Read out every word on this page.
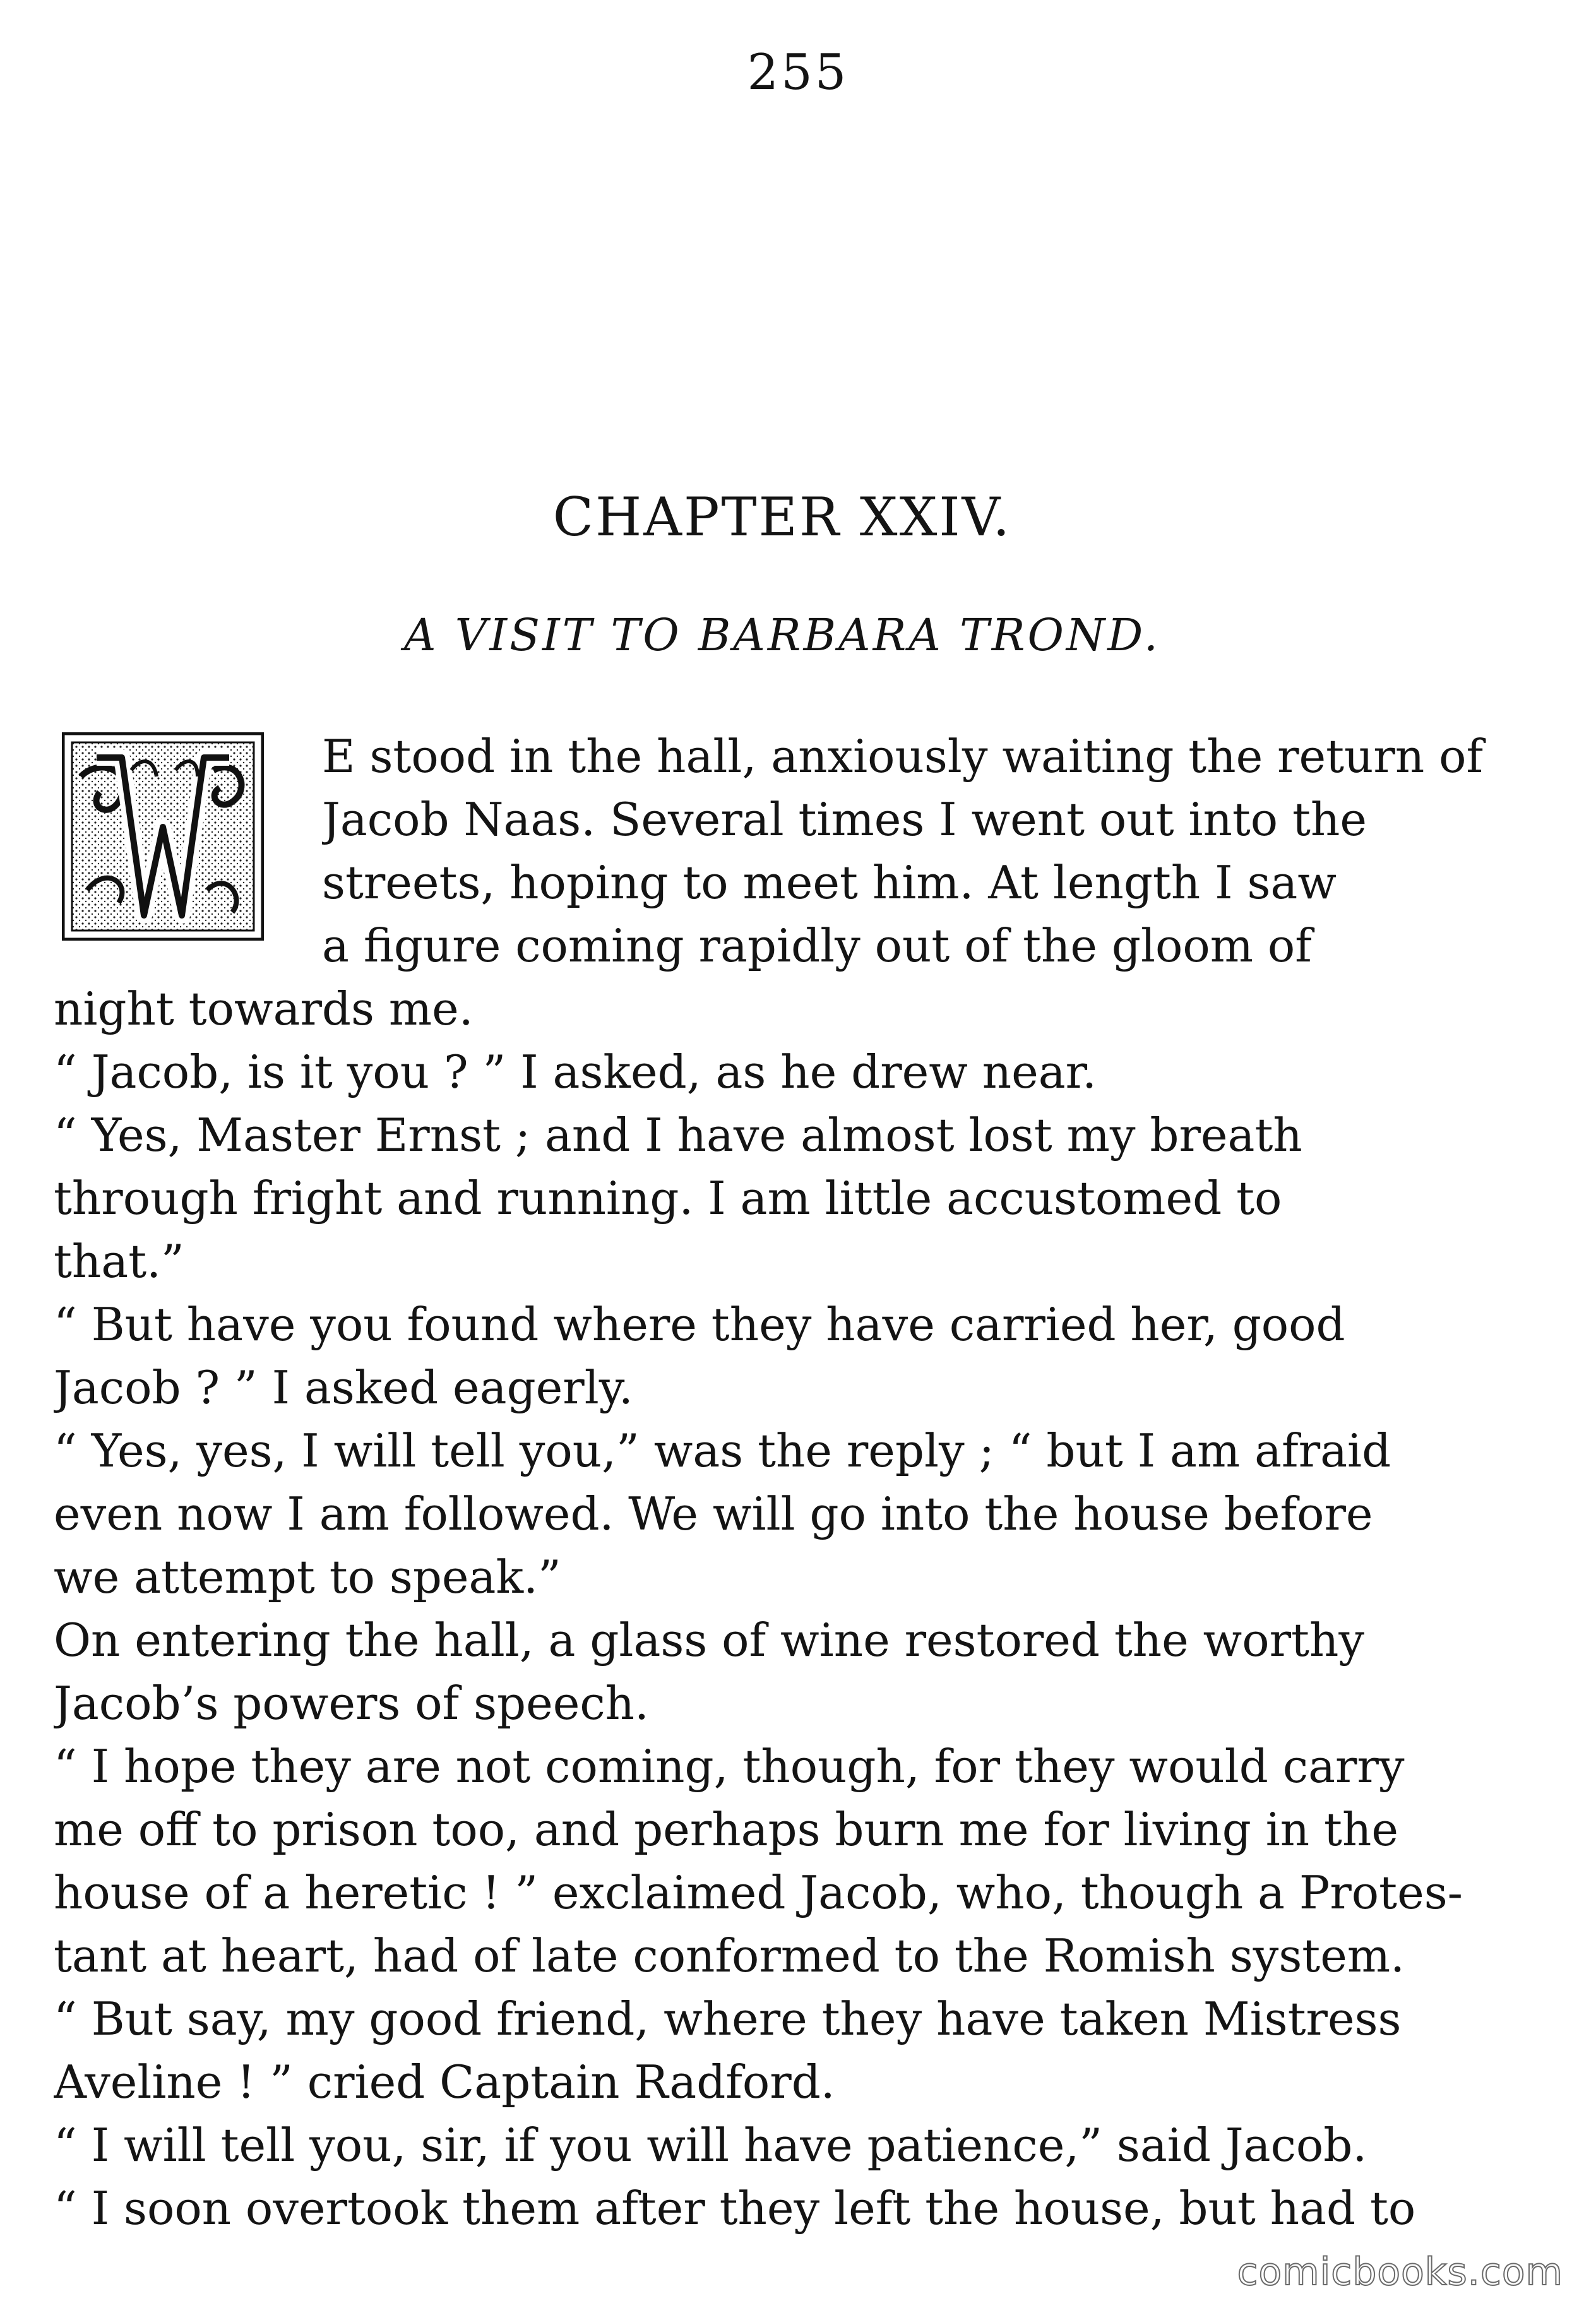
255
CHAPTER XXIV.
A VISIT TO BARBARA TROND.
E stood in the hall, anxiously waiting the return of
Jacob Naas. Several times I went out into the
streets, hoping to meet him. At length I saw
a figure coming rapidly out of the gloom of
night towards me.
“ Jacob, is it you ? ” I asked, as he drew near.
“ Yes, Master Ernst ; and I have almost lost my breath
through fright and running. I am little accustomed to
that.”
“ But have you found where they have carried her, good
Jacob ? ” I asked eagerly.
“ Yes, yes, I will tell you,” was the reply ; “ but I am afraid
even now I am followed. We will go into the house before
we attempt to speak.”
On entering the hall, a glass of wine restored the worthy
Jacob’s powers of speech.
“ I hope they are not coming, though, for they would carry
me off to prison too, and perhaps burn me for living in the
house of a heretic ! ” exclaimed Jacob, who, though a Protes-
tant at heart, had of late conformed to the Romish system.
“ But say, my good friend, where they have taken Mistress
Aveline ! ” cried Captain Radford.
“ I will tell you, sir, if you will have patience,” said Jacob.
“ I soon overtook them after they left the house, but had to
comicbooks.com
